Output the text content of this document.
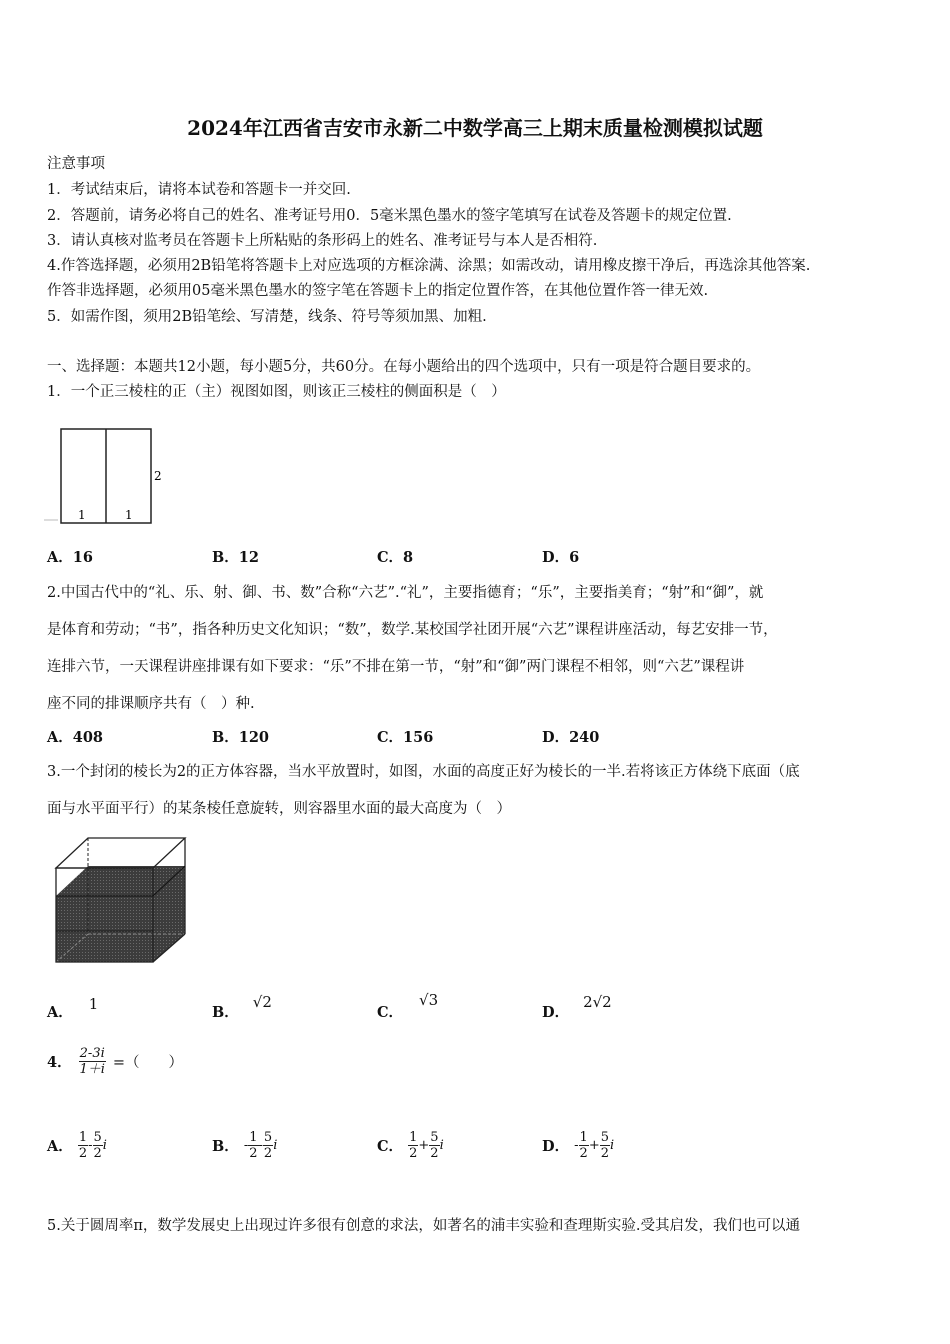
2024年江西省吉安市永新二中数学高三上期末质量检测模拟试题
注意事项
1．考试结束后，请将本试卷和答题卡一并交回.
2．答题前，请务必将自己的姓名、准考证号用0．5毫米黑色墨水的签字笔填写在试卷及答题卡的规定位置.
3．请认真核对监考员在答题卡上所粘贴的条形码上的姓名、准考证号与本人是否相符.
4.作答选择题，必须用2B铅笔将答题卡上对应选项的方框涂满、涂黑；如需改动，请用橡皮擦干净后，再选涂其他答案.
作答非选择题，必须用05毫米黑色墨水的签字笔在答题卡上的指定位置作答，在其他位置作答一律无效.
5．如需作图，须用2B铅笔绘、写清楚，线条、符号等须加黑、加粗.
一、选择题：本题共12小题，每小题5分，共60分。在每小题给出的四个选项中，只有一项是符合题目要求的。
1．一个正三棱柱的正（主）视图如图，则该正三棱柱的侧面积是（　）
1	1
2
A．16	B．12	C．8	D．6
2.中国古代中的“礼、乐、射、御、书、数”合称“六艺”.“礼”，主要指德育；“乐”，主要指美育；“射”和“御”，就
是体育和劳动；“书”，指各种历史文化知识；“数”，数学.某校国学社团开展“六艺”课程讲座活动，每艺安排一节，
连排六节，一天课程讲座排课有如下要求：“乐”不排在第一节，“射”和“御”两门课程不相邻，则“六艺”课程讲
座不同的排课顺序共有（　）种.
A．408	B．120	C．156	D．240
3.一个封闭的棱长为2的正方体容器，当水平放置时，如图，水面的高度正好为棱长的一半.若将该正方体绕下底面（底
面与水平面平行）的某条棱任意旋转，则容器里水面的最大高度为（　）
A． 1	B．√2
C．√3
D．2√2
4． $\frac{2-3i}{1+i}$ =（　　）
A． $\frac{1}{2} - \frac{5}{2}$ i	B． - $\frac{1}{2} - \frac{5}{2}$ i	C． $\frac{1}{2} + \frac{5}{2}$ i	D． - $\frac{1}{2} + \frac{5}{2}$ i
5.关于圆周率π，数学发展史上出现过许多很有创意的求法，如著名的浦丰实验和查理斯实验.受其启发，我们也可以通
